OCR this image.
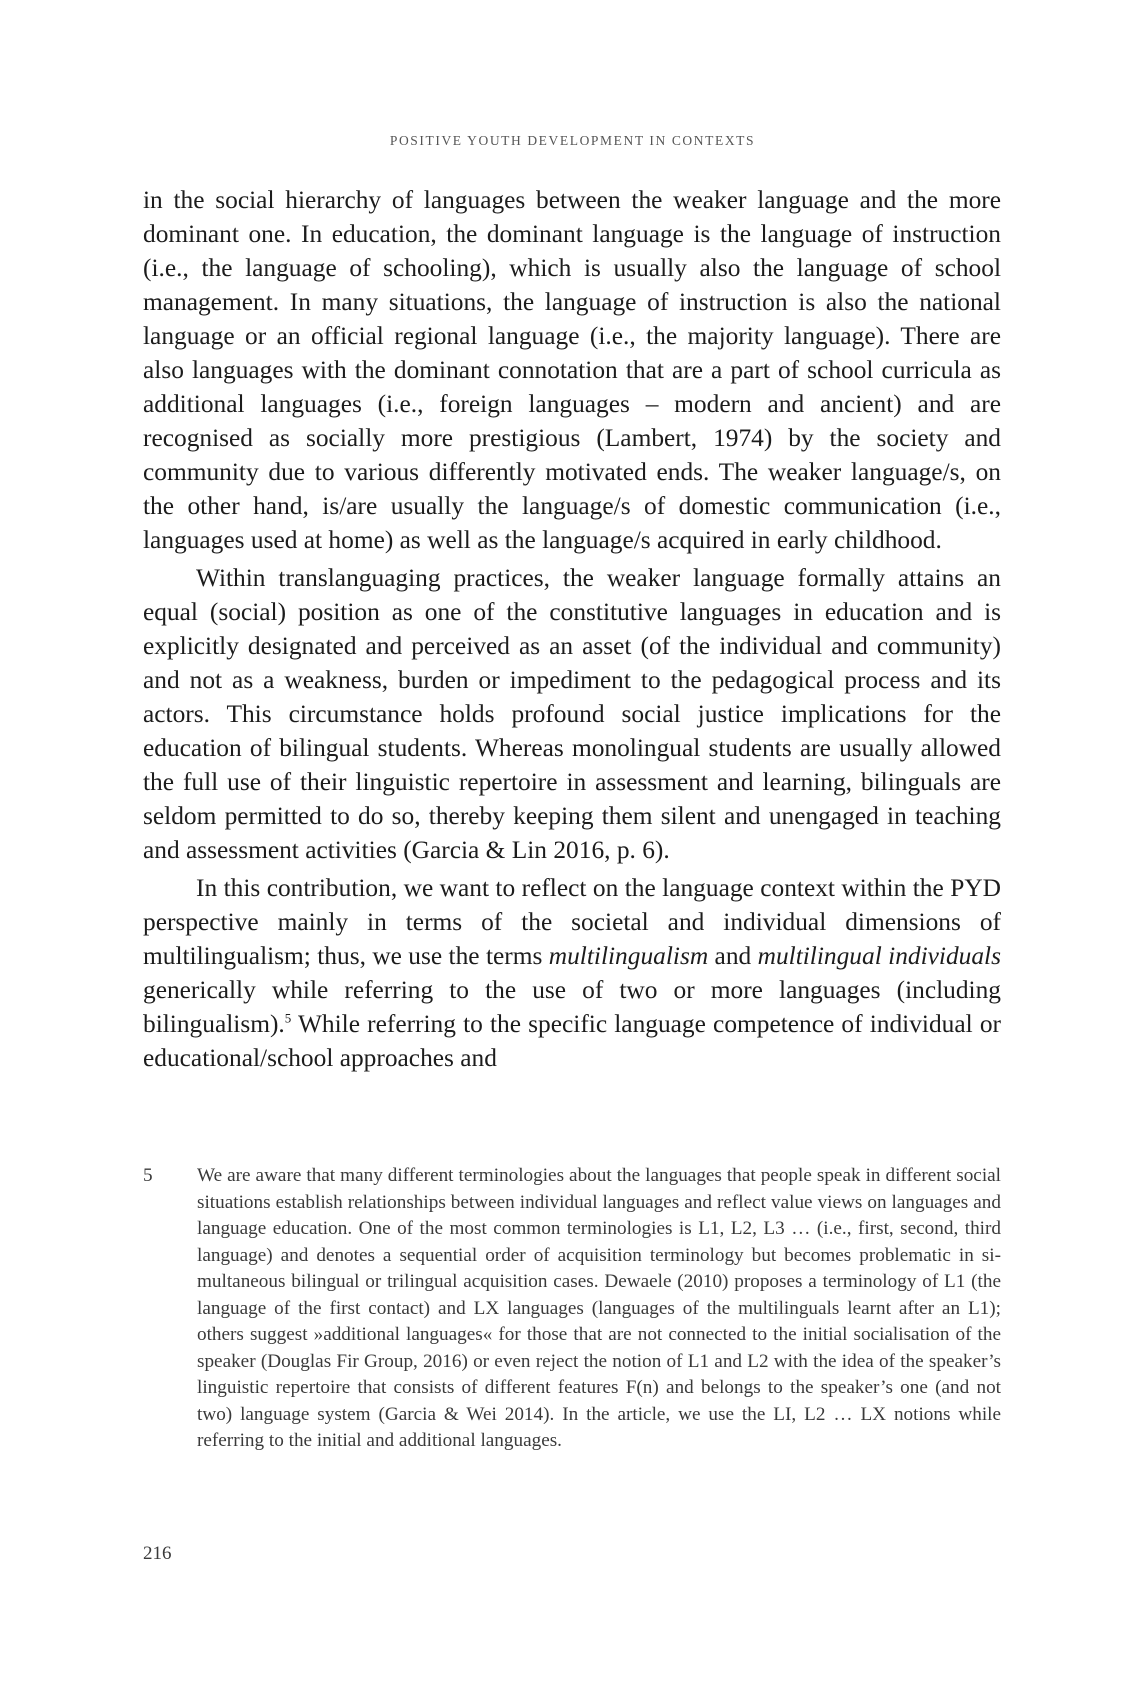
POSITIVE YOUTH DEVELOPMENT IN CONTEXTS

in the social hierarchy of languages between the weaker language and the more dominant one. In education, the dominant language is the language of instruction (i.e., the language of schooling), which is usually also the language of school management. In many situations, the language of instruction is also the national language or an official regional language (i.e., the majority language). There are also languages with the dominant connotation that are a part of school curricula as additional languages (i.e., foreign languages – modern and ancient) and are recognised as socially more prestigious (Lambert, 1974) by the society and community due to various differently motivated ends. The weaker language/s, on the other hand, is/are usually the language/s of domestic communication (i.e., languages used at home) as well as the language/s acquired in early childhood.

Within translanguaging practices, the weaker language formally attains an equal (social) position as one of the constitutive languages in education and is explicitly designated and perceived as an asset (of the individual and community) and not as a weakness, burden or impediment to the pedagogical process and its actors. This circumstance holds profound social justice implications for the education of bilingual students. Whereas monolingual students are usually allowed the full use of their linguistic repertoire in assessment and learning, bilinguals are seldom permitted to do so, thereby keeping them silent and unengaged in teaching and assessment activities (Garcia & Lin 2016, p. 6).

In this contribution, we want to reflect on the language context within the PYD perspective mainly in terms of the societal and individual dimensions of multilingualism; thus, we use the terms multilingualism and multilingual individuals generically while referring to the use of two or more languages (including bilingualism).$^5$ While referring to the specific language competence of individual or educational/school approaches and

5	We are aware that many different terminologies about the languages that people speak in different social situations establish relationships between individual languages and reflect value views on languages and language education. One of the most common terminologies is L1, L2, L3 … (i.e., first, second, third language) and denotes a sequential order of acquisition terminology but becomes problematic in simultaneous bilingual or trilingual acquisition cases. Dewaele (2010) proposes a terminology of L1 (the language of the first contact) and LX languages (languages of the multilinguals learnt after an L1); others suggest »additional languages« for those that are not connected to the initial socialisation of the speaker (Douglas Fir Group, 2016) or even reject the notion of L1 and L2 with the idea of the speaker’s linguistic repertoire that consists of different features F(n) and belongs to the speaker’s one (and not two) language system (Garcia & Wei 2014). In the article, we use the LI, L2 … LX notions while referring to the initial and additional languages.
216
